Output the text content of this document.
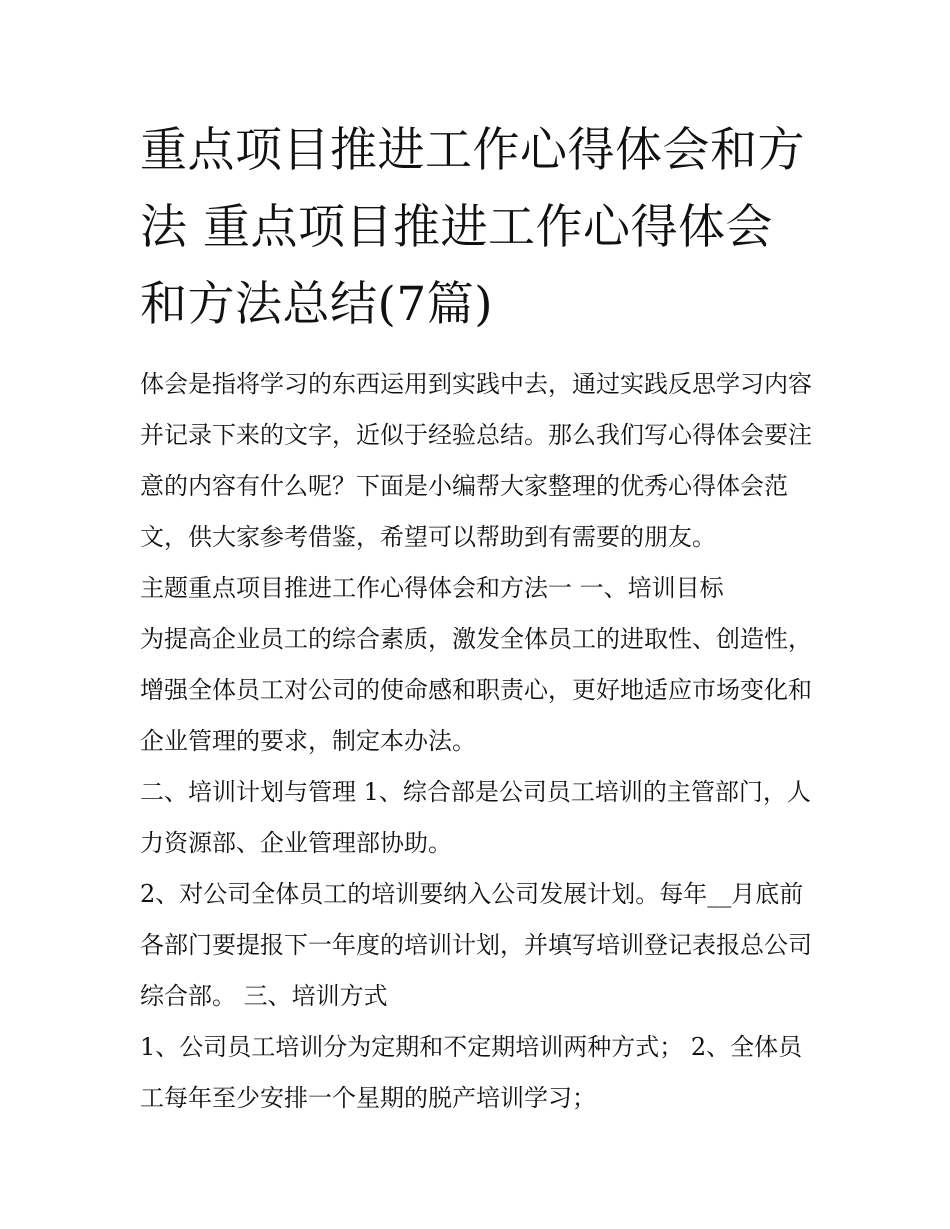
重点项目推进工作心得体会和方法 重点项目推进工作心得体会和方法总结(7篇)

体会是指将学习的东西运用到实践中去，通过实践反思学习内容并记录下来的文字，近似于经验总结。那么我们写心得体会要注意的内容有什么呢？下面是小编帮大家整理的优秀心得体会范文，供大家参考借鉴，希望可以帮助到有需要的朋友。

主题重点项目推进工作心得体会和方法一 一、培训目标

为提高企业员工的综合素质，激发全体员工的进取性、创造性，增强全体员工对公司的使命感和职责心，更好地适应市场变化和企业管理的要求，制定本办法。

二、培训计划与管理 1、综合部是公司员工培训的主管部门，人力资源部、企业管理部协助。

2、对公司全体员工的培训要纳入公司发展计划。每年__月底前各部门要提报下一年度的培训计划，并填写培训登记表报总公司综合部。 三、培训方式

1、公司员工培训分为定期和不定期培训两种方式； 2、全体员工每年至少安排一个星期的脱产培训学习；
